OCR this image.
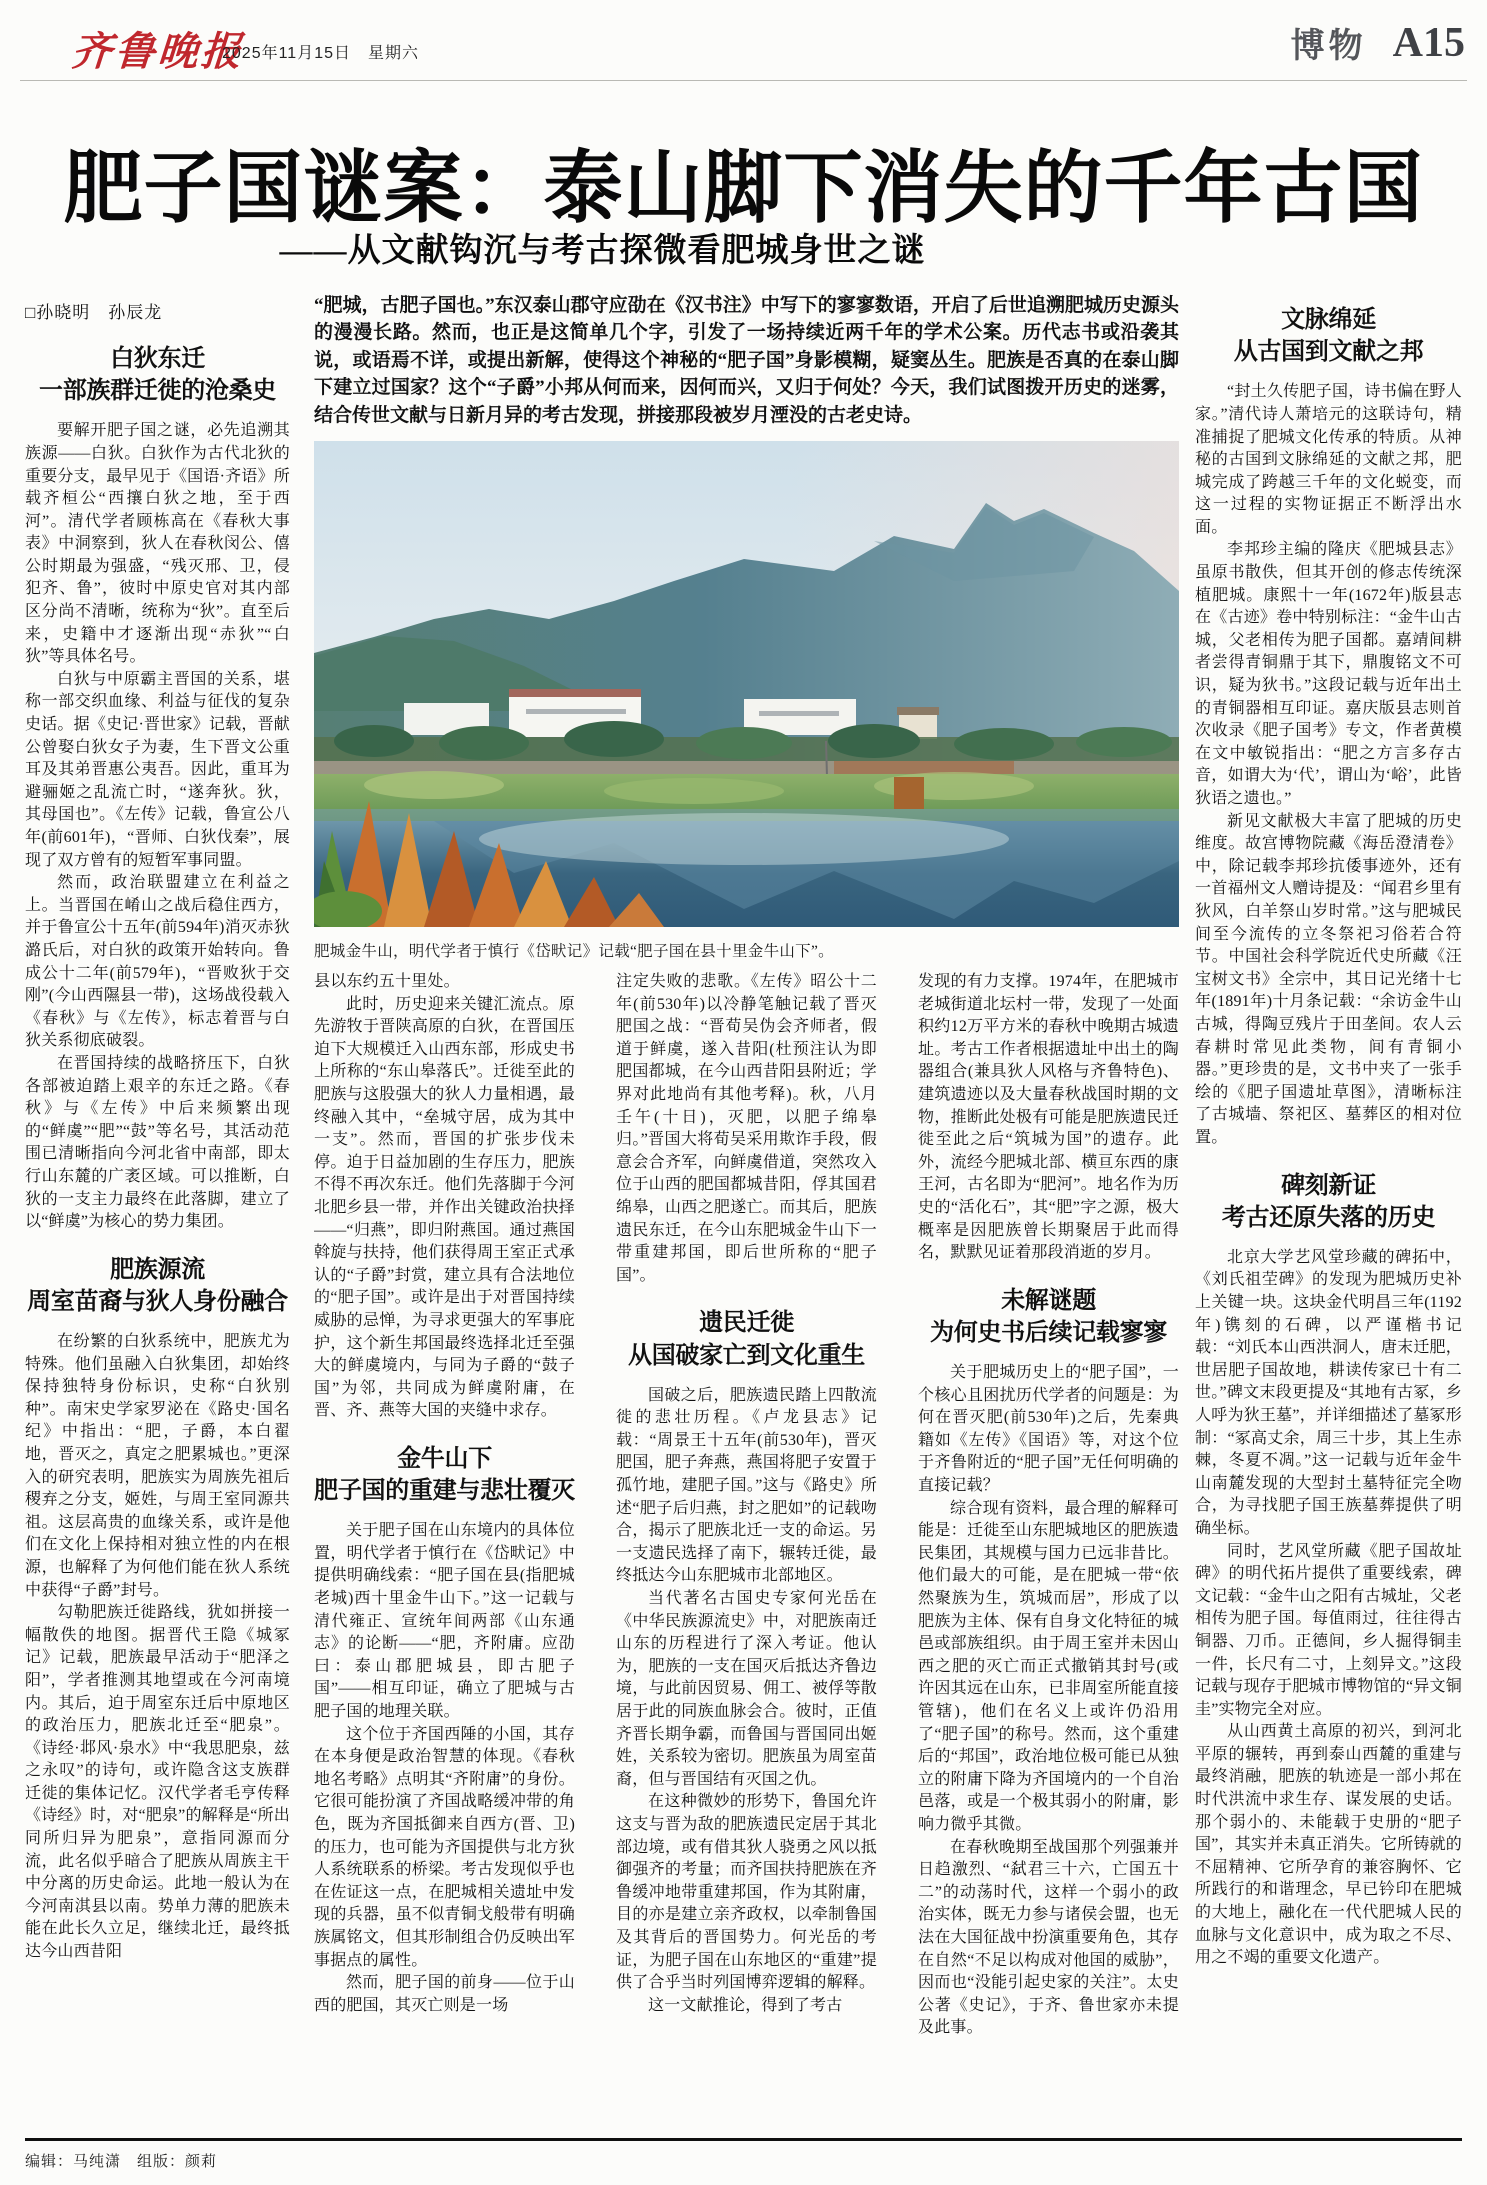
齐鲁晚报
2025年11月15日　星期六	博物 A15
肥子国谜案：泰山脚下消失的千年古国
——从文献钩沉与考古探微看肥城身世之谜
□孙晓明　孙辰龙
白狄东迁
一部族群迁徙的沧桑史

要解开肥子国之谜，必先追溯其族源——白狄。白狄作为古代北狄的重要分支，最早见于《国语·齐语》所载齐桓公“西攘白狄之地，至于西河”。清代学者顾栋高在《春秋大事表》中洞察到，狄人在春秋闵公、僖公时期最为强盛，“残灭邢、卫，侵犯齐、鲁”，彼时中原史官对其内部区分尚不清晰，统称为“狄”。直至后来，史籍中才逐渐出现“赤狄”“白狄”等具体名号。

白狄与中原霸主晋国的关系，堪称一部交织血缘、利益与征伐的复杂史话。据《史记·晋世家》记载，晋献公曾娶白狄女子为妻，生下晋文公重耳及其弟晋惠公夷吾。因此，重耳为避骊姬之乱流亡时，“遂奔狄。狄，其母国也”。《左传》记载，鲁宣公八年(前601年)，“晋师、白狄伐秦”，展现了双方曾有的短暂军事同盟。

然而，政治联盟建立在利益之上。当晋国在崤山之战后稳住西方，并于鲁宣公十五年(前594年)消灭赤狄潞氏后，对白狄的政策开始转向。鲁成公十二年(前579年)，“晋败狄于交刚”(今山西隰县一带)，这场战役载入《春秋》与《左传》，标志着晋与白狄关系彻底破裂。

在晋国持续的战略挤压下，白狄各部被迫踏上艰辛的东迁之路。《春秋》与《左传》中后来频繁出现的“鲜虞”“肥”“鼓”等名号，其活动范围已清晰指向今河北省中南部，即太行山东麓的广袤区域。可以推断，白狄的一支主力最终在此落脚，建立了以“鲜虞”为核心的势力集团。

肥族源流
周室苗裔与狄人身份融合

在纷繁的白狄系统中，肥族尤为特殊。他们虽融入白狄集团，却始终保持独特身份标识，史称“白狄别种”。南宋史学家罗泌在《路史·国名纪》中指出：“肥，子爵，本白翟地，晋灭之，真定之肥累城也。”更深入的研究表明，肥族实为周族先祖后稷弃之分支，姬姓，与周王室同源共祖。这层高贵的血缘关系，或许是他们在文化上保持相对独立性的内在根源，也解释了为何他们能在狄人系统中获得“子爵”封号。

勾勒肥族迁徙路线，犹如拼接一幅散佚的地图。据晋代王隐《城冢记》记载，肥族最早活动于“肥泽之阳”，学者推测其地望或在今河南境内。其后，迫于周室东迁后中原地区的政治压力，肥族北迁至“肥泉”。《诗经·邶风·泉水》中“我思肥泉，兹之永叹”的诗句，或许隐含这支族群迁徙的集体记忆。汉代学者毛亨传释《诗经》时，对“肥泉”的解释是“所出同所归异为肥泉”，意指同源而分流，此名似乎暗合了肥族从周族主干中分离的历史命运。此地一般认为在今河南淇县以南。势单力薄的肥族未能在此长久立足，继续北迁，最终抵达今山西昔阳

“肥城，古肥子国也。”东汉泰山郡守应劭在《汉书注》中写下的寥寥数语，开启了后世追溯肥城历史源头的漫漫长路。然而，也正是这简单几个字，引发了一场持续近两千年的学术公案。历代志书或沿袭其说，或语焉不详，或提出新解，使得这个神秘的“肥子国”身影模糊，疑窦丛生。肥族是否真的在泰山脚下建立过国家？这个“子爵”小邦从何而来，因何而兴，又归于何处？今天，我们试图拨开历史的迷雾，结合传世文献与日新月异的考古发现，拼接那段被岁月湮没的古老史诗。

肥城金牛山，明代学者于慎行《岱畎记》记载“肥子国在县十里金牛山下”。

县以东约五十里处。

此时，历史迎来关键汇流点。原先游牧于晋陕高原的白狄，在晋国压迫下大规模迁入山西东部，形成史书上所称的“东山皋落氏”。迁徙至此的肥族与这股强大的狄人力量相遇，最终融入其中，“垒城守居，成为其中一支”。然而，晋国的扩张步伐未停。迫于日益加剧的生存压力，肥族不得不再次东迁。他们先落脚于今河北肥乡县一带，并作出关键政治抉择——“归燕”，即归附燕国。通过燕国斡旋与扶持，他们获得周王室正式承认的“子爵”封赏，建立具有合法地位的“肥子国”。或许是出于对晋国持续威胁的忌惮，为寻求更强大的军事庇护，这个新生邦国最终选择北迁至强大的鲜虞境内，与同为子爵的“鼓子国”为邻，共同成为鲜虞附庸，在晋、齐、燕等大国的夹缝中求存。

金牛山下
肥子国的重建与悲壮覆灭

关于肥子国在山东境内的具体位置，明代学者于慎行在《岱畎记》中提供明确线索：“肥子国在县(指肥城老城)西十里金牛山下。”这一记载与清代雍正、宣统年间两部《山东通志》的论断——“肥，齐附庸。应劭曰：泰山郡肥城县，即古肥子国”——相互印证，确立了肥城与古肥子国的地理关联。

这个位于齐国西陲的小国，其存在本身便是政治智慧的体现。《春秋地名考略》点明其“齐附庸”的身份。它很可能扮演了齐国战略缓冲带的角色，既为齐国抵御来自西方(晋、卫)的压力，也可能为齐国提供与北方狄人系统联系的桥梁。考古发现似乎也在佐证这一点，在肥城相关遗址中发现的兵器，虽不似青铜戈般带有明确族属铭文，但其形制组合仍反映出军事据点的属性。

然而，肥子国的前身——位于山西的肥国，其灭亡则是一场

注定失败的悲歌。《左传》昭公十二年(前530年)以冷静笔触记载了晋灭肥国之战：“晋荀吴伪会齐师者，假道于鲜虞，遂入昔阳(杜预注认为即肥国都城，在今山西昔阳县附近；学界对此地尚有其他考释)。秋，八月壬午(十日)，灭肥，以肥子绵皋归。”晋国大将荀吴采用欺诈手段，假意会合齐军，向鲜虞借道，突然攻入位于山西的肥国都城昔阳，俘其国君绵皋，山西之肥遂亡。而其后，肥族遗民东迁，在今山东肥城金牛山下一带重建邦国，即后世所称的“肥子国”。

遗民迁徙
从国破家亡到文化重生

国破之后，肥族遗民踏上四散流徙的悲壮历程。《卢龙县志》记载：“周景王十五年(前530年)，晋灭肥国，肥子奔燕，燕国将肥子安置于孤竹地，建肥子国。”这与《路史》所述“肥子后归燕，封之肥如”的记载吻合，揭示了肥族北迁一支的命运。另一支遗民选择了南下，辗转迁徙，最终抵达今山东肥城市北部地区。

当代著名古国史专家何光岳在《中华民族源流史》中，对肥族南迁山东的历程进行了深入考证。他认为，肥族的一支在国灭后抵达齐鲁边境，与此前因贸易、佣工、被俘等散居于此的同族血脉会合。彼时，正值齐晋长期争霸，而鲁国与晋国同出姬姓，关系较为密切。肥族虽为周室苗裔，但与晋国结有灭国之仇。

在这种微妙的形势下，鲁国允许这支与晋为敌的肥族遗民定居于其北部边境，或有借其狄人骁勇之风以抵御强齐的考量；而齐国扶持肥族在齐鲁缓冲地带重建邦国，作为其附庸，目的亦是建立亲齐政权，以牵制鲁国及其背后的晋国势力。何光岳的考证，为肥子国在山东地区的“重建”提供了合乎当时列国博弈逻辑的解释。

这一文献推论，得到了考古

发现的有力支撑。1974年，在肥城市老城街道北坛村一带，发现了一处面积约12万平方米的春秋中晚期古城遗址。考古工作者根据遗址中出土的陶器组合(兼具狄人风格与齐鲁特色)、建筑遗迹以及大量春秋战国时期的文物，推断此处极有可能是肥族遗民迁徙至此之后“筑城为国”的遗存。此外，流经今肥城北部、横亘东西的康王河，古名即为“肥河”。地名作为历史的“活化石”，其“肥”字之源，极大概率是因肥族曾长期聚居于此而得名，默默见证着那段消逝的岁月。

未解谜题
为何史书后续记载寥寥

关于肥城历史上的“肥子国”，一个核心且困扰历代学者的问题是：为何在晋灭肥(前530年)之后，先秦典籍如《左传》《国语》等，对这个位于齐鲁附近的“肥子国”无任何明确的直接记载？

综合现有资料，最合理的解释可能是：迁徙至山东肥城地区的肥族遗民集团，其规模与国力已远非昔比。他们最大的可能，是在肥城一带“依然聚族为生，筑城而居”，形成了以肥族为主体、保有自身文化特征的城邑或部族组织。由于周王室并未因山西之肥的灭亡而正式撤销其封号(或许因其远在山东，已非周室所能直接管辖)，他们在名义上或许仍沿用了“肥子国”的称号。然而，这个重建后的“邦国”，政治地位极可能已从独立的附庸下降为齐国境内的一个自治邑落，或是一个极其弱小的附庸，影响力微乎其微。

在春秋晚期至战国那个列强兼并日趋激烈、“弑君三十六，亡国五十二”的动荡时代，这样一个弱小的政治实体，既无力参与诸侯会盟，也无法在大国征战中扮演重要角色，其存在自然“不足以构成对他国的威胁”，因而也“没能引起史家的关注”。太史公著《史记》，于齐、鲁世家亦未提及此事。

文脉绵延
从古国到文献之邦

“封土久传肥子国，诗书偏在野人家。”清代诗人萧培元的这联诗句，精准捕捉了肥城文化传承的特质。从神秘的古国到文脉绵延的文献之邦，肥城完成了跨越三千年的文化蜕变，而这一过程的实物证据正不断浮出水面。

李邦珍主编的隆庆《肥城县志》虽原书散佚，但其开创的修志传统深植肥城。康熙十一年(1672年)版县志在《古迹》卷中特别标注：“金牛山古城，父老相传为肥子国都。嘉靖间耕者尝得青铜鼎于其下，鼎腹铭文不可识，疑为狄书。”这段记载与近年出土的青铜器相互印证。嘉庆版县志则首次收录《肥子国考》专文，作者黄模在文中敏锐指出：“肥之方言多存古音，如谓大为‘代’，谓山为‘峪’，此皆狄语之遗也。”

新见文献极大丰富了肥城的历史维度。故宫博物院藏《海岳澄清卷》中，除记载李邦珍抗倭事迹外，还有一首福州文人赠诗提及：“闻君乡里有狄风，白羊祭山岁时常。”这与肥城民间至今流传的立冬祭祀习俗若合符节。中国社会科学院近代史所藏《汪宝树文书》全宗中，其日记光绪十七年(1891年)十月条记载：“余访金牛山古城，得陶豆残片于田垄间。农人云春耕时常见此类物，间有青铜小器。”更珍贵的是，文书中夹了一张手绘的《肥子国遗址草图》，清晰标注了古城墙、祭祀区、墓葬区的相对位置。

碑刻新证
考古还原失落的历史

北京大学艺风堂珍藏的碑拓中，《刘氏祖茔碑》的发现为肥城历史补上关键一块。这块金代明昌三年(1192年)镌刻的石碑，以严谨楷书记载：“刘氏本山西洪洞人，唐末迁肥，世居肥子国故地，耕读传家已十有二世。”碑文末段更提及“其地有古冢，乡人呼为狄王墓”，并详细描述了墓冢形制：“冢高丈余，周三十步，其上生赤棘，冬夏不凋。”这一记载与近年金牛山南麓发现的大型封土墓特征完全吻合，为寻找肥子国王族墓葬提供了明确坐标。

同时，艺风堂所藏《肥子国故址碑》的明代拓片提供了重要线索，碑文记载：“金牛山之阳有古城址，父老相传为肥子国。每值雨过，往往得古铜器、刀币。正德间，乡人掘得铜圭一件，长尺有二寸，上刻异文。”这段记载与现存于肥城市博物馆的“异文铜圭”实物完全对应。

从山西黄土高原的初兴，到河北平原的辗转，再到泰山西麓的重建与最终消融，肥族的轨迹是一部小邦在时代洪流中求生存、谋发展的史话。那个弱小的、未能载于史册的“肥子国”，其实并未真正消失。它所铸就的不屈精神、它所孕育的兼容胸怀、它所践行的和谐理念，早已钤印在肥城的大地上，融化在一代代肥城人民的血脉与文化意识中，成为取之不尽、用之不竭的重要文化遗产。

编辑：马纯潇　组版：颜莉
